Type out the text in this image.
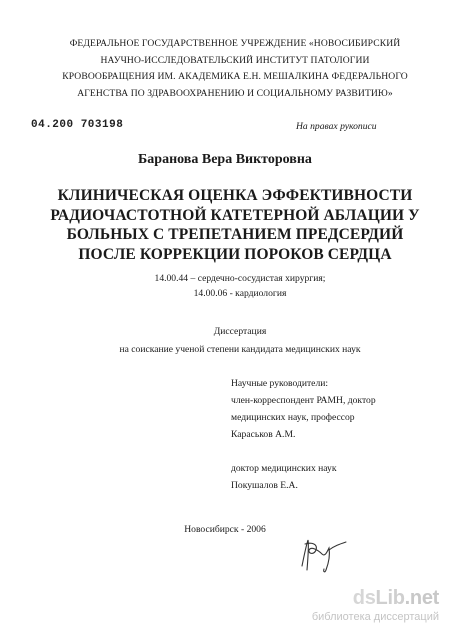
ФЕДЕРАЛЬНОЕ ГОСУДАРСТВЕННОЕ УЧРЕЖДЕНИЕ «НОВОСИБИРСКИЙ
НАУЧНО-ИССЛЕДОВАТЕЛЬСКИЙ ИНСТИТУТ ПАТОЛОГИИ
КРОВООБРАЩЕНИЯ ИМ. АКАДЕМИКА Е.Н. МЕШАЛКИНА ФЕДЕРАЛЬНОГО
АГЕНСТВА ПО ЗДРАВООХРАНЕНИЮ И СОЦИАЛЬНОМУ РАЗВИТИЮ»
04.200 703198	На правах рукописи
Баранова Вера Викторовна
КЛИНИЧЕСКАЯ ОЦЕНКА ЭФФЕКТИВНОСТИ
РАДИОЧАСТОТНОЙ КАТЕТЕРНОЙ АБЛАЦИИ У
БОЛЬНЫХ С ТРЕПЕТАНИЕМ ПРЕДСЕРДИЙ
ПОСЛЕ КОРРЕКЦИИ ПОРОКОВ СЕРДЦА
14.00.44 – сердечно-сосудистая хирургия;
14.00.06 - кардиология
Диссертация
на соискание ученой степени кандидата медицинских наук
Научные руководители:
член-корреспондент РАМН, доктор
медицинских наук, профессор
Караськов А.М.
доктор медицинских наук
Покушалов Е.А.
Новосибирск - 2006
dsLib.net
библиотека диссертаций
